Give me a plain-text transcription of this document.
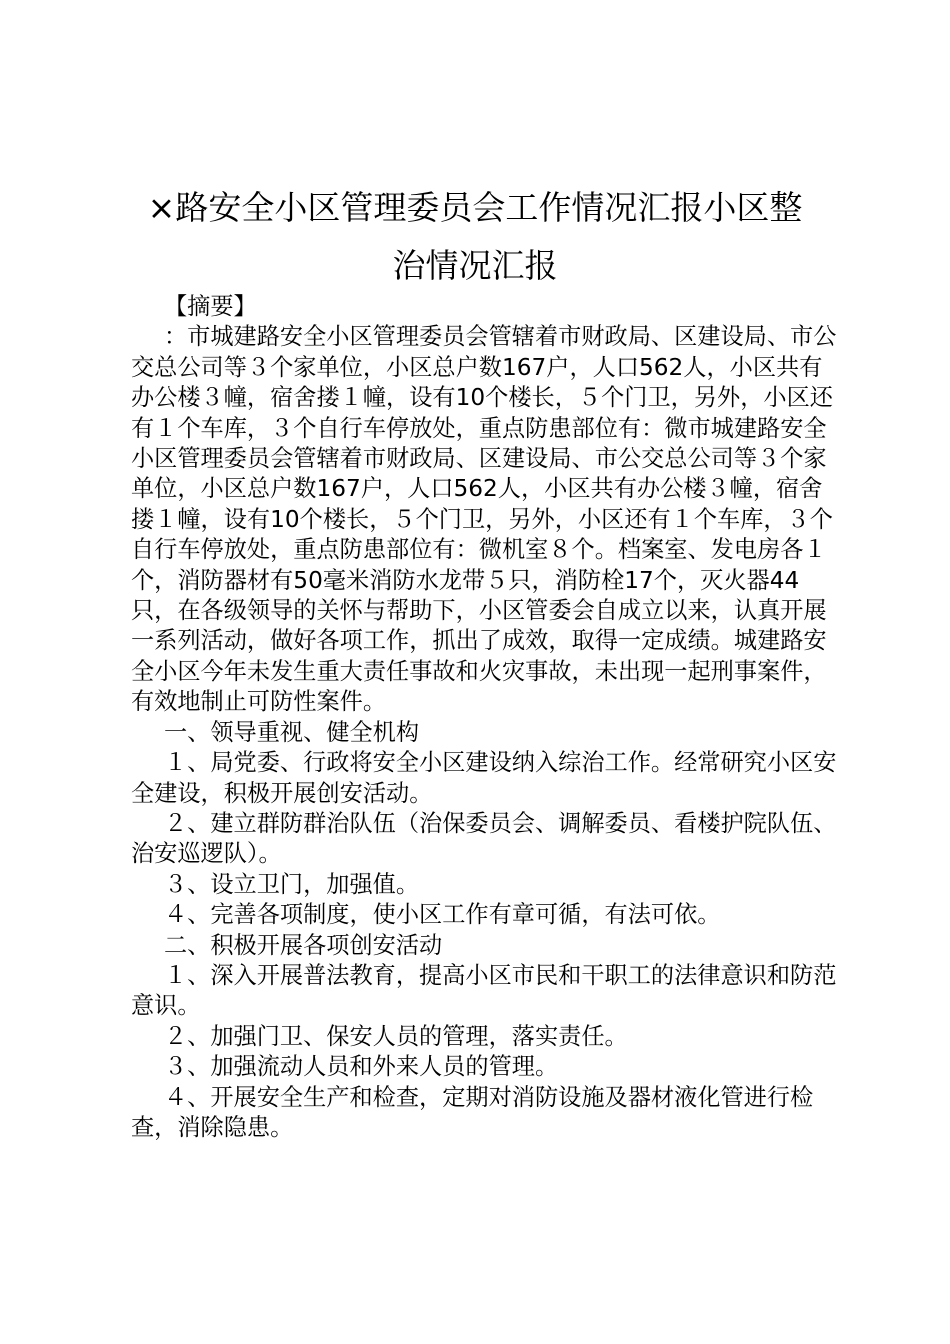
×路安全小区管理委员会工作情况汇报小区整
治情况汇报

【摘要】

：市城建路安全小区管理委员会管辖着市财政局、区建设局、市公交总公司等３个家单位，小区总户数167户，人口562人，小区共有办公楼３幢，宿舍搂１幢，设有10个楼长，５个门卫，另外，小区还有１个车库，３个自行车停放处，重点防患部位有：微市城建路安全小区管理委员会管辖着市财政局、区建设局、市公交总公司等３个家单位，小区总户数167户，人口562人，小区共有办公楼３幢，宿舍搂１幢，设有10个楼长，５个门卫，另外，小区还有１个车库，３个自行车停放处，重点防患部位有：微机室８个。档案室、发电房各１个，消防器材有50毫米消防水龙带５只，消防栓17个，灭火器44只，在各级领导的关怀与帮助下，小区管委会自成立以来，认真开展一系列活动，做好各项工作，抓出了成效，取得一定成绩。城建路安全小区今年未发生重大责任事故和火灾事故，未出现一起刑事案件，有效地制止可防性案件。

一、领导重视、健全机构

１、局党委、行政将安全小区建设纳入综治工作。经常研究小区安全建设，积极开展创安活动。

２、建立群防群治队伍（治保委员会、调解委员、看楼护院队伍、治安巡逻队）。

３、设立卫门，加强值。

４、完善各项制度，使小区工作有章可循，有法可依。

二、积极开展各项创安活动

１、深入开展普法教育，提高小区市民和干职工的法律意识和防范意识。

２、加强门卫、保安人员的管理，落实责任。

３、加强流动人员和外来人员的管理。

４、开展安全生产和检查，定期对消防设施及器材液化管进行检查，消除隐患。
